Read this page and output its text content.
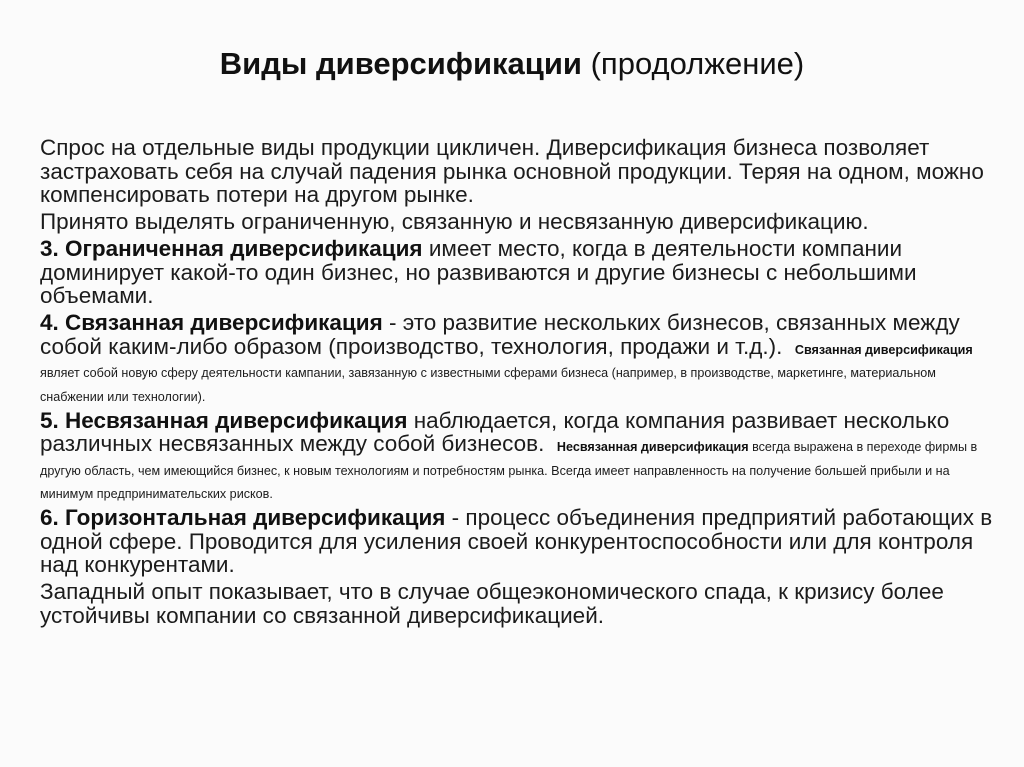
Виды диверсификации (продолжение)

Спрос на отдельные виды продукции цикличен. Диверсификация бизнеса позволяет застраховать себя на случай падения рынка основной продукции. Теряя на одном, можно компенсировать потери на другом рынке.

Принято выделять ограниченную, связанную и несвязанную диверсификацию.

3. Ограниченная диверсификация имеет место, когда в деятельности компании доминирует какой-то один бизнес, но развиваются и другие бизнесы с небольшими объемами.

4. Связанная диверсификация - это развитие нескольких бизнесов, связанных между собой каким-либо образом (производство, технология, продажи и т.д.). Связанная диверсификация являет собой новую сферу деятельности кампании, завязанную с известными сферами бизнеса (например, в производстве, маркетинге, материальном снабжении или технологии).

5. Несвязанная диверсификация наблюдается, когда компания развивает несколько различных несвязанных между собой бизнесов. Несвязанная диверсификация всегда выражена в переходе фирмы в другую область, чем имеющийся бизнес, к новым технологиям и потребностям рынка. Всегда имеет направленность на получение большей прибыли и на минимум предпринимательских рисков.

6. Горизонтальная диверсификация - процесс объединения предприятий работающих в одной сфере. Проводится для усиления своей конкурентоспособности или для контроля над конкурентами.

Западный опыт показывает, что в случае общеэкономического спада, к кризису более устойчивы компании со связанной диверсификацией.
